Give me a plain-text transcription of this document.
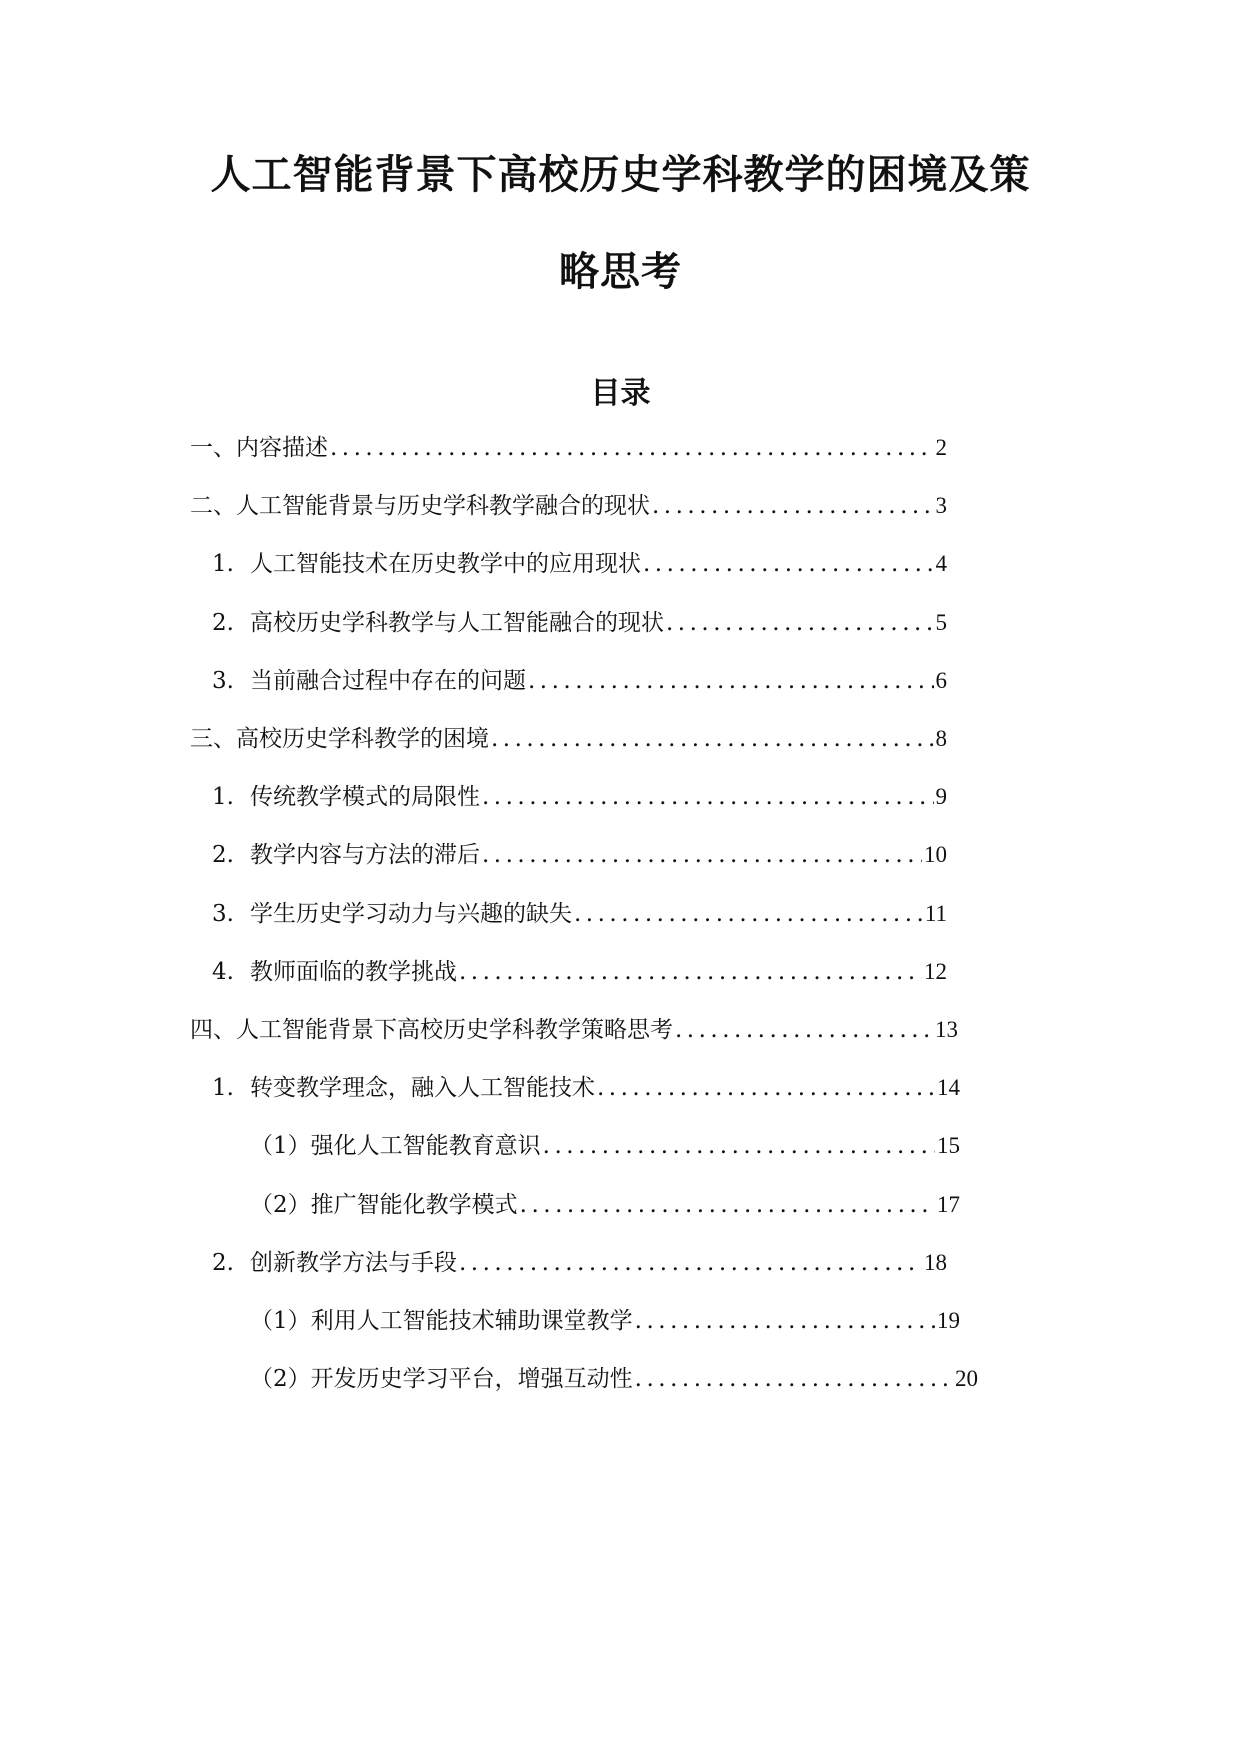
人工智能背景下高校历史学科教学的困境及策
略思考
目录
一、内容描述 .....	2
二、人工智能背景与历史学科教学融合的现状 .....	3
1. 人工智能技术在历史教学中的应用现状 .....	4
2. 高校历史学科教学与人工智能融合的现状 .....	5
3. 当前融合过程中存在的问题 .....	6
三、高校历史学科教学的困境 .....	8
1. 传统教学模式的局限性 .....	9
2. 教学内容与方法的滞后 .....	10
3. 学生历史学习动力与兴趣的缺失 .....	11
4. 教师面临的教学挑战 .....	12
四、人工智能背景下高校历史学科教学策略思考 .....	13
1. 转变教学理念，融入人工智能技术 .....	14
（1）强化人工智能教育意识 .....	15
（2）推广智能化教学模式 .....	17
2. 创新教学方法与手段 .....	18
（1）利用人工智能技术辅助课堂教学 .....	19
（2）开发历史学习平台，增强互动性 .....	20
